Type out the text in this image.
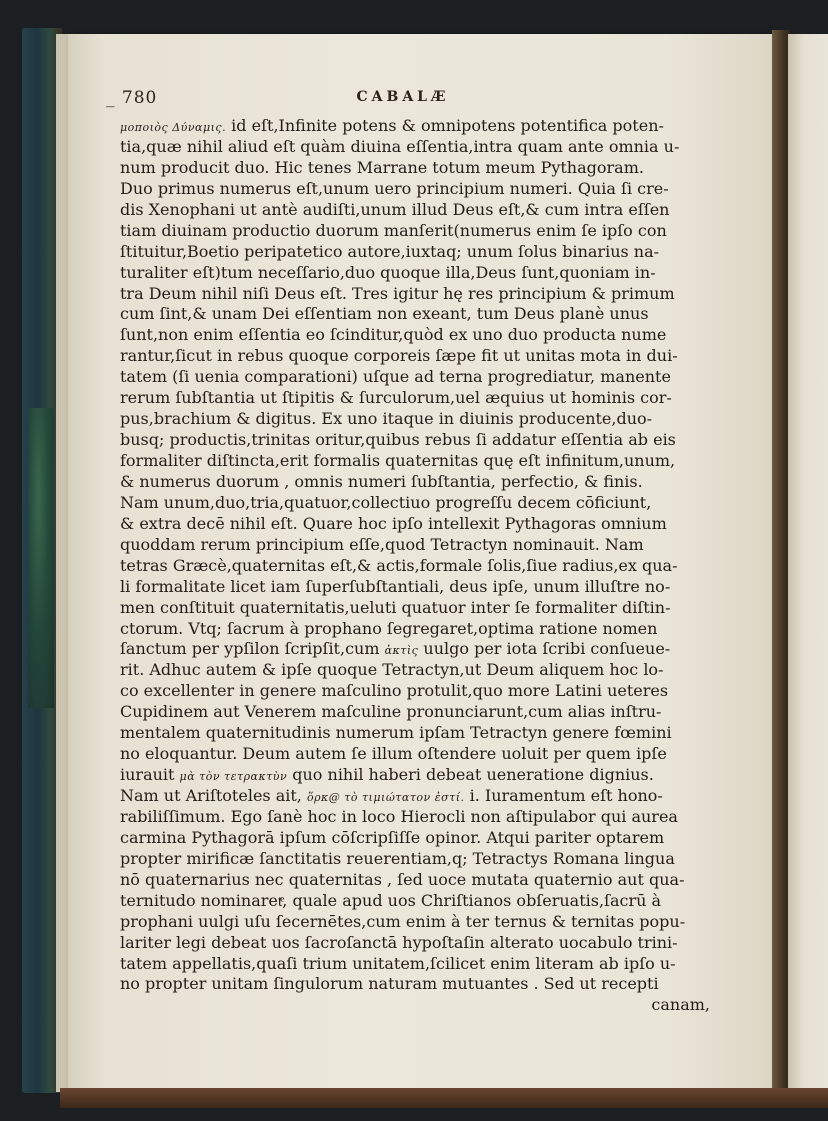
_ 780	CABALÆ
μοποιὸς Δύναμις. id eſt,Infinite potens & omnipotens potentifica poten-
tia,quæ nihil aliud eſt quàm diuina eſſentia,intra quam ante omnia u-
num producit duo. Hic tenes Marrane totum meum Pythagoram.
Duo primus numerus eſt,unum uero principium numeri. Quia ſi cre-
dis Xenophani ut antè audiſti,unum illud Deus eſt,& cum intra eſſen
tiam diuinam productio duorum manſerit(numerus enim ſe ipſo con
ſtituitur,Boetio peripatetico autore,iuxtaq; unum ſolus binarius na-
turaliter eſt)tum neceſſario,duo quoque illa,Deus ſunt,quoniam in-
tra Deum nihil niſi Deus eſt. Tres igitur hę res principium & primum
cum ſint,& unam Dei eſſentiam non exeant, tum Deus planè unus
ſunt,non enim eſſentia eo ſcinditur,quòd ex uno duo producta nume
rantur,ſicut in rebus quoque corporeis ſæpe fit ut unitas mota in dui-
tatem (ſi uenia comparationi) uſque ad terna progrediatur, manente
rerum ſubſtantia ut ſtipitis & ſurculorum,uel æquius ut hominis cor-
pus,brachium & digitus. Ex uno itaque in diuinis producente,duo-
busq; productis,trinitas oritur,quibus rebus ſi addatur eſſentia ab eis
formaliter diſtincta,erit formalis quaternitas quę eſt infinitum,unum,
& numerus duorum , omnis numeri ſubſtantia, perfectio, & finis.
Nam unum,duo,tria,quatuor,collectiuo progreſſu decem cōficiunt,
& extra decē nihil eſt. Quare hoc ipſo intellexit Pythagoras omnium
quoddam rerum principium eſſe,quod Tetractyn nominauit. Nam
tetras Græcè,quaternitas eſt,& actis,formale ſolis,ſiue radius,ex qua-
li formalitate licet iam ſuperſubſtantiali, deus ipſe, unum illuſtre no-
men conſtituit quaternitatis,ueluti quatuor inter ſe formaliter diſtin-
ctorum. Vtq; ſacrum à prophano ſegregaret,optima ratione nomen
ſanctum per ypſilon ſcripſit,cum ἀκτὶς uulgo per iota ſcribi conſueue-
rit. Adhuc autem & ipſe quoque Tetractyn,ut Deum aliquem hoc lo-
co excellenter in genere maſculino protulit,quo more Latini ueteres
Cupidinem aut Venerem maſculine pronunciarunt,cum alias inſtru-
mentalem quaternitudinis numerum ipſam Tetractyn genere fœmini
no eloquantur. Deum autem ſe illum oſtendere uoluit per quem ipſe
iurauit μὰ τὸν τετρακτὺν quo nihil haberi debeat ueneratione dignius.
Nam ut Ariſtoteles ait, ὅρκ@ τὸ τιμιώτατον ἐστί. i. Iuramentum eſt hono-
rabiliſſimum. Ego ſanè hoc in loco Hierocli non aſtipulabor qui aurea
carmina Pythagorā ipſum cōſcripſiſſe opinor. Atqui pariter optarem
propter mirificæ ſanctitatis reuerentiam,q; Tetractys Romana lingua
nō quaternarius nec quaternitas , ſed uoce mutata quaternio aut qua-
ternitudo nominaretͤ, quale apud uos Chriſtianos obſeruatis,ſacrū à
prophani uulgi uſu ſecernētes,cum enim à ter ternus & ternitas popu-
lariter legi debeat uos ſacroſanctā hypoſtaſin alterato uocabulo trini-
tatem appellatis,quaſi trium unitatem,ſcilicet enim literam ab ipſo u-
no propter unitam ſingulorum naturam mutuantes . Sed ut recepti
canam,
